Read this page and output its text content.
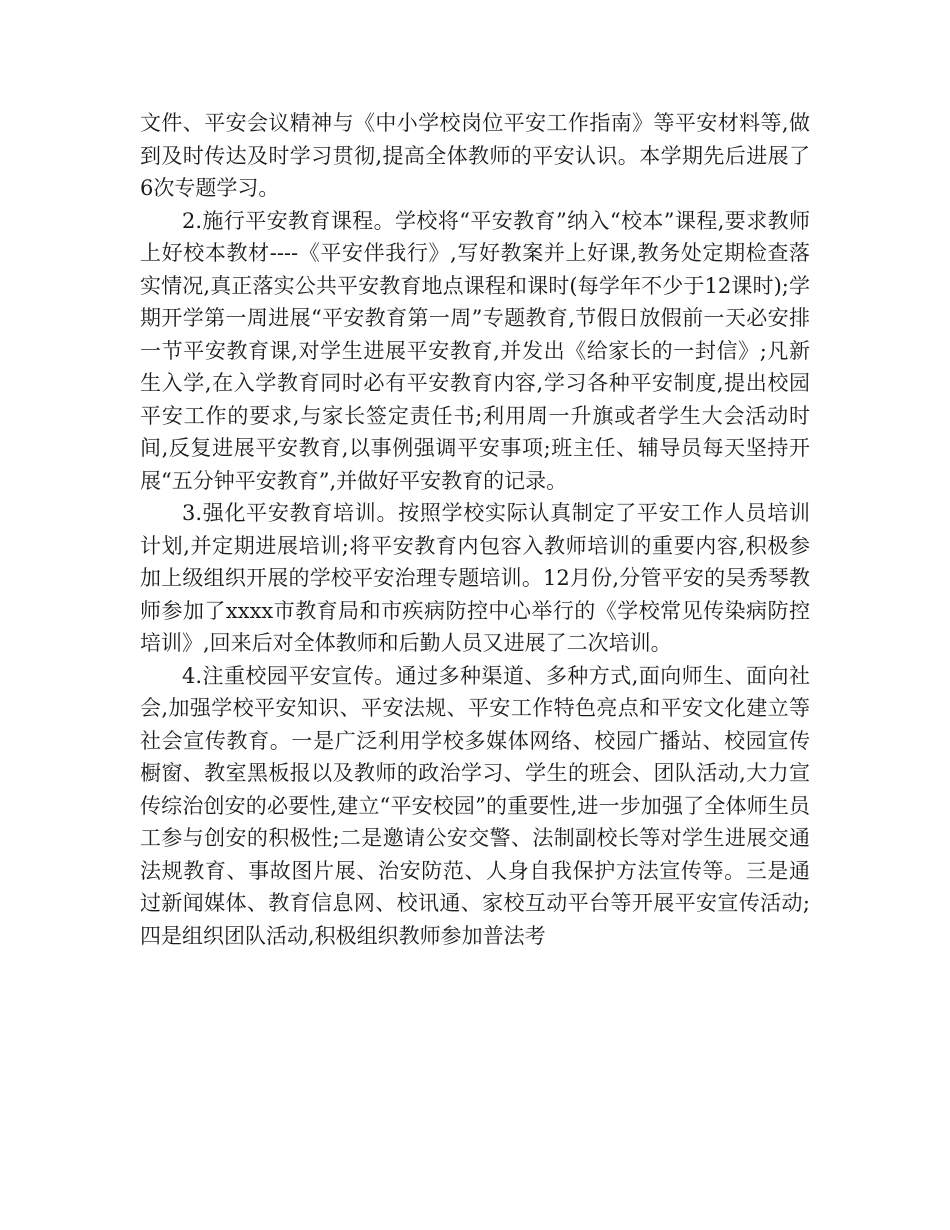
文件、平安会议精神与《中小学校岗位平安工作指南》等平安材料等,做到及时传达及时学习贯彻,提高全体教师的平安认识。本学期先后进展了6次专题学习。

2.施行平安教育课程。学校将“平安教育”纳入“校本”课程,要求教师上好校本教材----《平安伴我行》,写好教案并上好课,教务处定期检查落实情况,真正落实公共平安教育地点课程和课时(每学年不少于12课时);学期开学第一周进展“平安教育第一周”专题教育,节假日放假前一天必安排一节平安教育课,对学生进展平安教育,并发出《给家长的一封信》;凡新生入学,在入学教育同时必有平安教育内容,学习各种平安制度,提出校园平安工作的要求,与家长签定责任书;利用周一升旗或者学生大会活动时间,反复进展平安教育,以事例强调平安事项;班主任、辅导员每天坚持开展“五分钟平安教育”,并做好平安教育的记录。

3.强化平安教育培训。按照学校实际认真制定了平安工作人员培训计划,并定期进展培训;将平安教育内包容入教师培训的重要内容,积极参加上级组织开展的学校平安治理专题培训。12月份,分管平安的吴秀琴教师参加了xxxx市教育局和市疾病防控中心举行的《学校常见传染病防控培训》,回来后对全体教师和后勤人员又进展了二次培训。

4.注重校园平安宣传。通过多种渠道、多种方式,面向师生、面向社会,加强学校平安知识、平安法规、平安工作特色亮点和平安文化建立等社会宣传教育。一是广泛利用学校多媒体网络、校园广播站、校园宣传橱窗、教室黑板报以及教师的政治学习、学生的班会、团队活动,大力宣传综治创安的必要性,建立“平安校园”的重要性,进一步加强了全体师生员工参与创安的积极性;二是邀请公安交警、法制副校长等对学生进展交通法规教育、事故图片展、治安防范、人身自我保护方法宣传等。三是通过新闻媒体、教育信息网、校讯通、家校互动平台等开展平安宣传活动;四是组织团队活动,积极组织教师参加普法考
